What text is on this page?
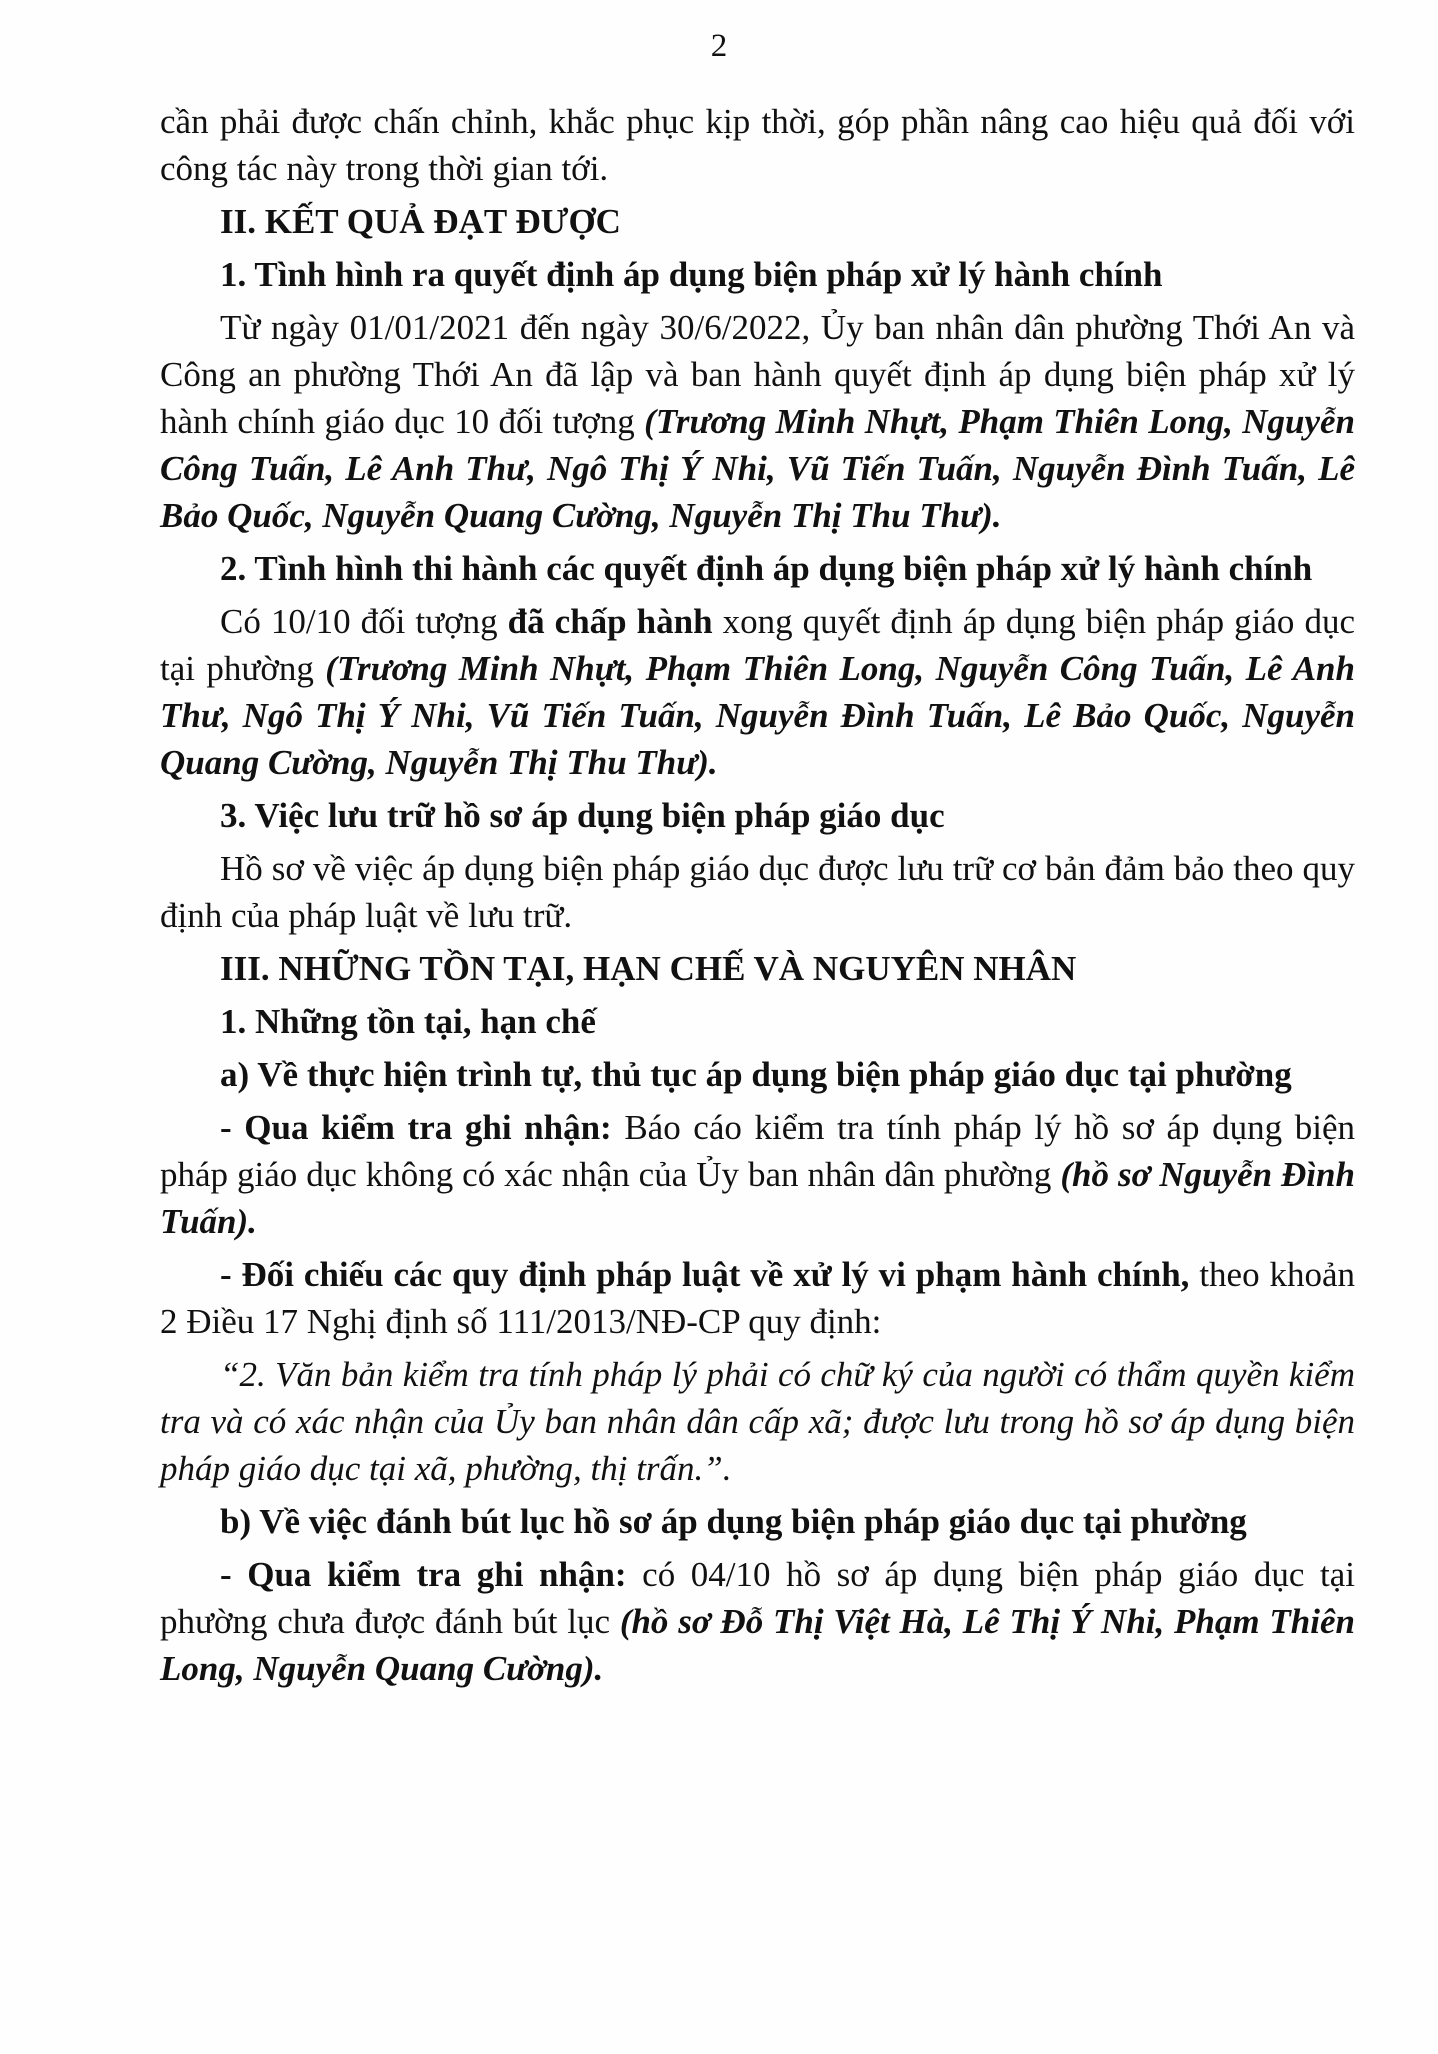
2

cần phải được chấn chỉnh, khắc phục kịp thời, góp phần nâng cao hiệu quả đối với công tác này trong thời gian tới.

II. KẾT QUẢ ĐẠT ĐƯỢC

1. Tình hình ra quyết định áp dụng biện pháp xử lý hành chính

Từ ngày 01/01/2021 đến ngày 30/6/2022, Ủy ban nhân dân phường Thới An và Công an phường Thới An đã lập và ban hành quyết định áp dụng biện pháp xử lý hành chính giáo dục 10 đối tượng (Trương Minh Nhựt, Phạm Thiên Long, Nguyễn Công Tuấn, Lê Anh Thư, Ngô Thị Ý Nhi, Vũ Tiến Tuấn, Nguyễn Đình Tuấn, Lê Bảo Quốc, Nguyễn Quang Cường, Nguyễn Thị Thu Thư).

2. Tình hình thi hành các quyết định áp dụng biện pháp xử lý hành chính

Có 10/10 đối tượng đã chấp hành xong quyết định áp dụng biện pháp giáo dục tại phường (Trương Minh Nhựt, Phạm Thiên Long, Nguyễn Công Tuấn, Lê Anh Thư, Ngô Thị Ý Nhi, Vũ Tiến Tuấn, Nguyễn Đình Tuấn, Lê Bảo Quốc, Nguyễn Quang Cường, Nguyễn Thị Thu Thư).

3. Việc lưu trữ hồ sơ áp dụng biện pháp giáo dục

Hồ sơ về việc áp dụng biện pháp giáo dục được lưu trữ cơ bản đảm bảo theo quy định của pháp luật về lưu trữ.

III. NHỮNG TỒN TẠI, HẠN CHẾ VÀ NGUYÊN NHÂN

1. Những tồn tại, hạn chế

a) Về thực hiện trình tự, thủ tục áp dụng biện pháp giáo dục tại phường

- Qua kiểm tra ghi nhận: Báo cáo kiểm tra tính pháp lý hồ sơ áp dụng biện pháp giáo dục không có xác nhận của Ủy ban nhân dân phường (hồ sơ Nguyễn Đình Tuấn).

- Đối chiếu các quy định pháp luật về xử lý vi phạm hành chính, theo khoản 2 Điều 17 Nghị định số 111/2013/NĐ-CP quy định:

“2. Văn bản kiểm tra tính pháp lý phải có chữ ký của người có thẩm quyền kiểm tra và có xác nhận của Ủy ban nhân dân cấp xã; được lưu trong hồ sơ áp dụng biện pháp giáo dục tại xã, phường, thị trấn.”.

b) Về việc đánh bút lục hồ sơ áp dụng biện pháp giáo dục tại phường

- Qua kiểm tra ghi nhận: có 04/10 hồ sơ áp dụng biện pháp giáo dục tại phường chưa được đánh bút lục (hồ sơ Đỗ Thị Việt Hà, Lê Thị Ý Nhi, Phạm Thiên Long, Nguyễn Quang Cường).
